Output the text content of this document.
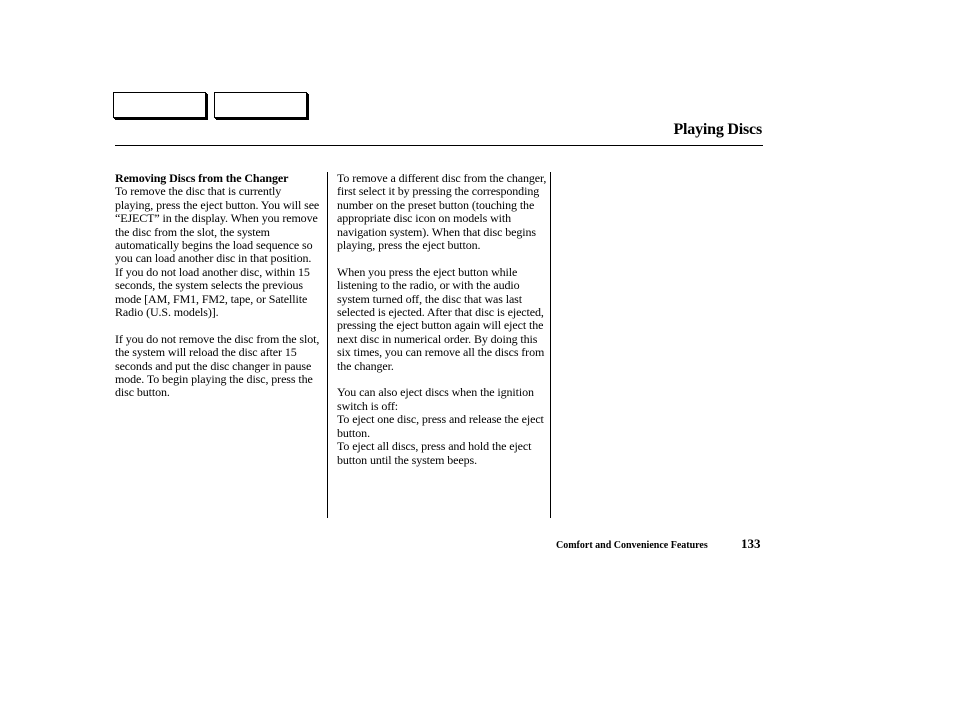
Playing Discs

Removing Discs from the Changer

To remove the disc that is currently playing, press the eject button. You will see “EJECT” in the display. When you remove the disc from the slot, the system automatically begins the load sequence so you can load another disc in that position. If you do not load another disc, within 15 seconds, the system selects the previous mode [AM, FM1, FM2, tape, or Satellite Radio (U.S. models)].

If you do not remove the disc from the slot, the system will reload the disc after 15 seconds and put the disc changer in pause mode. To begin playing the disc, press the disc button.

To remove a different disc from the changer, first select it by pressing the corresponding number on the preset button (touching the appropriate disc icon on models with navigation system). When that disc begins playing, press the eject button.

When you press the eject button while listening to the radio, or with the audio system turned off, the disc that was last selected is ejected. After that disc is ejected, pressing the eject button again will eject the next disc in numerical order. By doing this six times, you can remove all the discs from the changer.

You can also eject discs when the ignition switch is off:

To eject one disc, press and release the eject button.

To eject all discs, press and hold the eject button until the system beeps.

Comfort and Convenience Features	133
